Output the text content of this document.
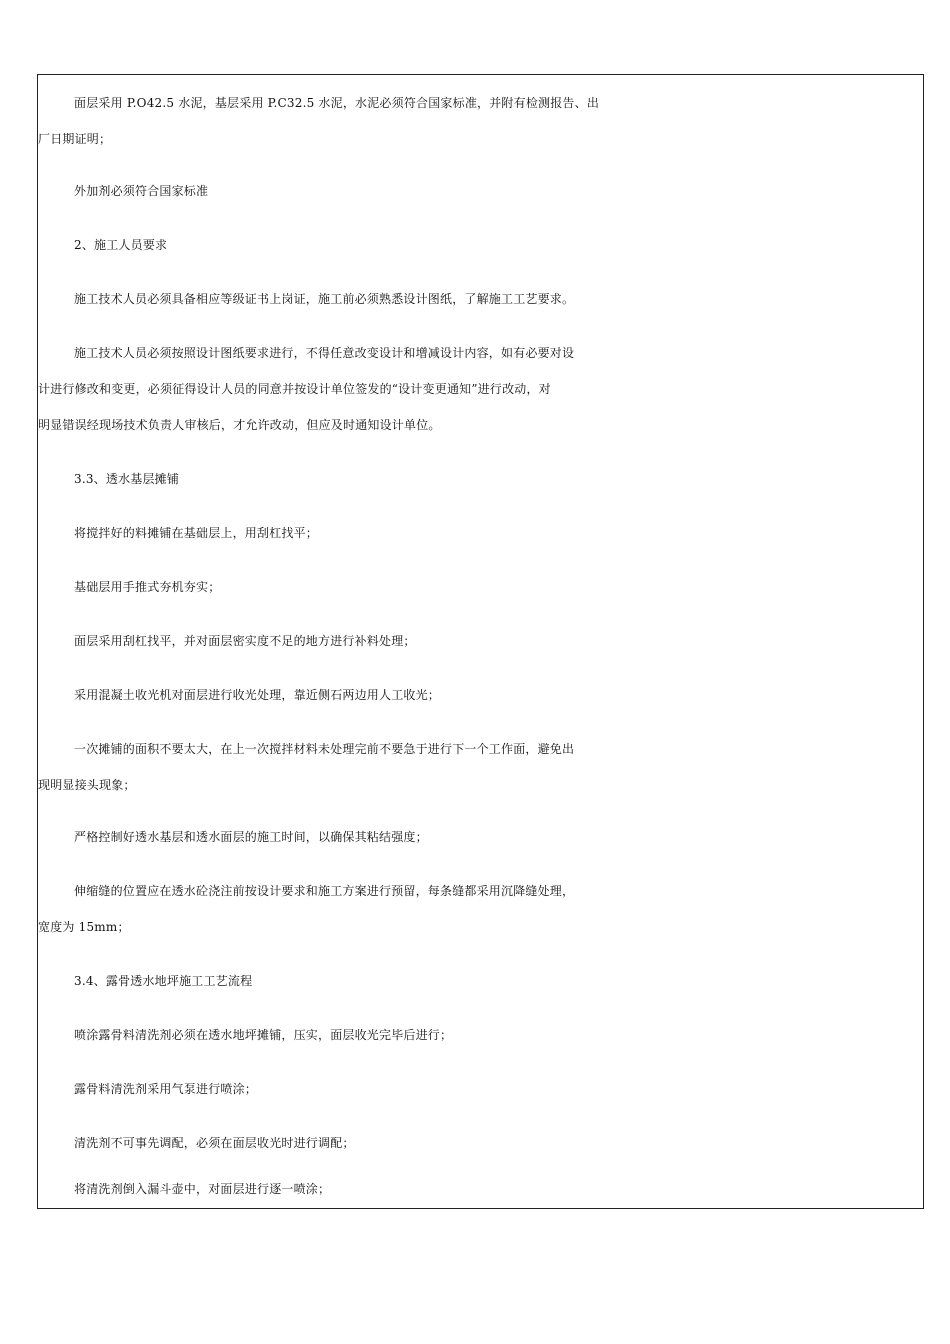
面层采用 P.O42.5 水泥，基层采用 P.C32.5 水泥，水泥必须符合国家标准，并附有检测报告、出
厂日期证明；

外加剂必须符合国家标准

2、施工人员要求

施工技术人员必须具备相应等级证书上岗证，施工前必须熟悉设计图纸，了解施工工艺要求。

施工技术人员必须按照设计图纸要求进行，不得任意改变设计和增减设计内容，如有必要对设
计进行修改和变更，必须征得设计人员的同意并按设计单位签发的“设计变更通知”进行改动，对
明显错误经现场技术负责人审核后，才允许改动，但应及时通知设计单位。

3.3、透水基层摊铺

将搅拌好的料摊铺在基础层上，用刮杠找平；

基础层用手推式夯机夯实；

面层采用刮杠找平，并对面层密实度不足的地方进行补料处理；

采用混凝土收光机对面层进行收光处理，靠近侧石两边用人工收光；

一次摊铺的面积不要太大，在上一次搅拌材料未处理完前不要急于进行下一个工作面，避免出
现明显接头现象；

严格控制好透水基层和透水面层的施工时间，以确保其粘结强度；

伸缩缝的位置应在透水砼浇注前按设计要求和施工方案进行预留，每条缝都采用沉降缝处理，
宽度为 15mm；

3.4、露骨透水地坪施工工艺流程

喷涂露骨料清洗剂必须在透水地坪摊铺，压实，面层收光完毕后进行；

露骨料清洗剂采用气泵进行喷涂；

清洗剂不可事先调配，必须在面层收光时进行调配；

将清洗剂倒入漏斗壶中，对面层进行逐一喷涂；
